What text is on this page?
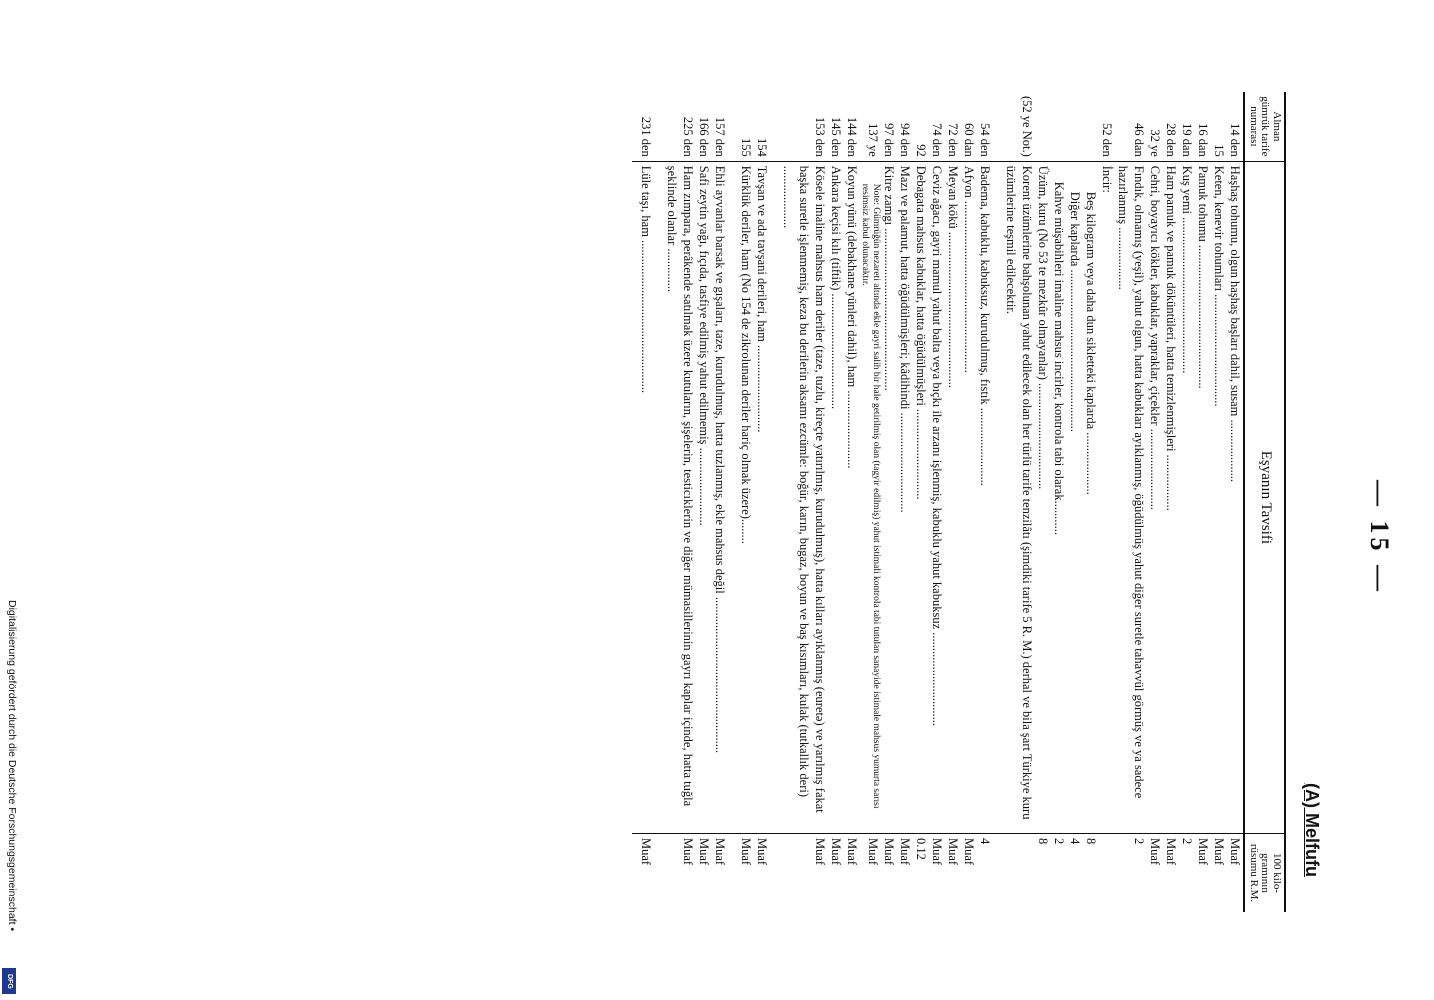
— 15 —
(A) Melfufu
Alman gümrük tarife numarası	Eşyanın Tavsifi	100 kilo-gramının rüsumu R.M.
14 den	Haşhaş tohumu, olgun haşhaş başları dahil, susam ....................	Muaf
15	Keten, kenevir tohumları ....................................	Muaf
16 dan	Pamuk tohumu ..............................................	Muaf
19 dan	Kuş yemi ..................................................	2
28 den	Ham pamuk ve pamuk döküntüleri, hatta temizlenmişleri ..................	Muaf
32 ye	Cehri, boyayıcı kökler, kabuklar, yapraklar, çiçekler ..........................	Muaf
46 dan	Fındık, olmamış (yeşil), yahut olgun, hatta kabukları ayıklanmış, öğüdülmüş yahut diğer suretle tahavvül görmüş ve ya sadece hazırlanmış ....................	2
52 den	İncir:	
	Beş kilogram veya daha dun sikletteki kaplarda ....................	8
	Diğer kaplarda ....................................................	4
	Kahve müşabihleri imaline mahsus incirler, kontrola tabi olarak...........	2
	Üzüm, kuru (No 53 te mezkûr olmayanlar) ..................................	8
(52 ye Not.)	Korent üzümlerine bahşolunan yahut edilecek olan her türlü tarife tenzilâtı (şimdiki tarife 5 R. M.) derhal ve bila şart Türkiye kuru üzümlerine teşmil edilecektir.	
54 den	Badema, kabuklu, kabuksuz, kurudulmuş, fıstık .........................	4
60 dan	Afyon .......................................................	Muaf
72 den	Meyan kökü ..................................................	Muaf
74 den	Ceviz ağacı, gayri mamul yahut balta veya bıçkı ile arzanı işlenmiş, kabuklu yahut kabuksuz ..............................	Muaf
92	Debagata mahsus kabuklar, hatta öğüdülmüşleri .............................	0.12
94 den	Mazı ve palamut, hatta öğüdülmüşleri; kâdihindi ................................	Muaf
97 den	Kitre zamgı ....................................................	Muaf
137 ye	Note: Gümrüğün nezareti altında ekle gayri salih bir hale getirilmiş olan (tagyir edilmiş) yahut istimali kontrola tabi tutulan sanayide istimale mahsus yumurta sarısı resimsiz kabul olunacaktır.	Muaf
144 den	Koyun yünü (debakhane yünleri dahil), ham .........................	Muaf
145 den	Ankara keçisi kılı (tiftik) .....................................	Muaf
153 den	Kösele imaline mahsus ham deriler (taze, tuzlu, kireçte yatırılmış, kurudulmuş), hatta kılları ayıklanmış (euretə) ve yarılmış fakat başka suretle işlenmemiş, keza bu derilerin aksamı ezcümle: boğür, karın, bugaz, boyun ve baş kısımları, kulak (tutkallık deri) ....................	Muaf
154	Tavşan ve ada tavşani derileri, ham ............................	Muaf
155	Kürklük deriler, ham (No 154 de zikrolunan deriler hariç olmak üzere)........	Muaf
157 den	Ehli ayvanlar barsak ve gışaları, taze, kurudulmuş, hatta tuzlanmış, ekle mahsus değil ..................................................	Muaf
166 den	Safi zeytin yağı, fıçıda, tasfiye edilmiş yahut edilmemiş .........................	Muaf
225 den	Ham zımpara, perâkende satılmak üzere kutuların, şişelerin, testicıklerin ve diğer mümasillerinin gayrı kaplar içinde, hatta tuğla şeklinde olanlar ..............	Muaf
231 den	Lüle taşı, ham .................................................	Muaf
Digitalisierung gefördert durch die Deutsche Forschungsgemeinschaft •
DFG
